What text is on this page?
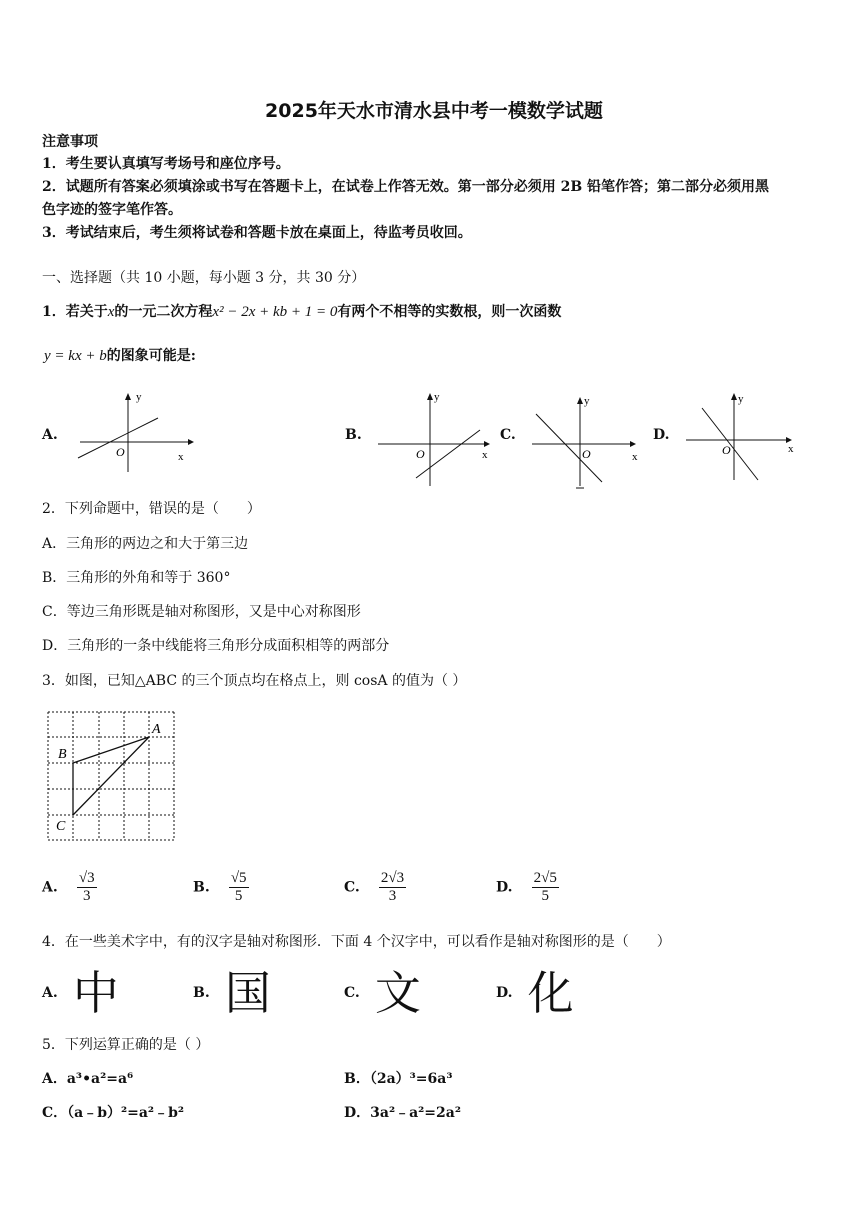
2025年天水市清水县中考一模数学试题
注意事项
1．考生要认真填写考场号和座位序号。
2．试题所有答案必须填涂或书写在答题卡上，在试卷上作答无效。第一部分必须用 2B 铅笔作答；第二部分必须用黑
色字迹的签字笔作答。
3．考试结束后，考生须将试卷和答题卡放在桌面上，待监考员收回。
一、选择题（共 10 小题，每小题 3 分，共 30 分）
1．若关于x的一元二次方程x² − 2x + kb + 1 = 0有两个不相等的实数根，则一次函数
y = kx + b的图象可能是:
A.
y
x
O
B.
y
x
O
C.
y
x
O
D.
y
x
O
2．下列命题中，错误的是（　　）
A．三角形的两边之和大于第三边
B．三角形的外角和等于 360°
C．等边三角形既是轴对称图形，又是中心对称图形
D．三角形的一条中线能将三角形分成面积相等的两部分
3．如图，已知△ABC 的三个顶点均在格点上，则 cosA 的值为（ ）
A
B
C
A. $\frac{√3}{3}$	B. $\frac{√5}{5}$	C. $\frac{2√3}{3}$	D. $\frac{2√5}{5}$
4．在一些美术字中，有的汉字是轴对称图形．下面 4 个汉字中，可以看作是轴对称图形的是（　　）
A. 中	B. 国	C. 文	D. 化
5．下列运算正确的是（ ）
A．a³•a²=a⁶	B．（2a）³=6a³
C．（a﹣b）²=a²﹣b²	D．3a²﹣a²=2a²
